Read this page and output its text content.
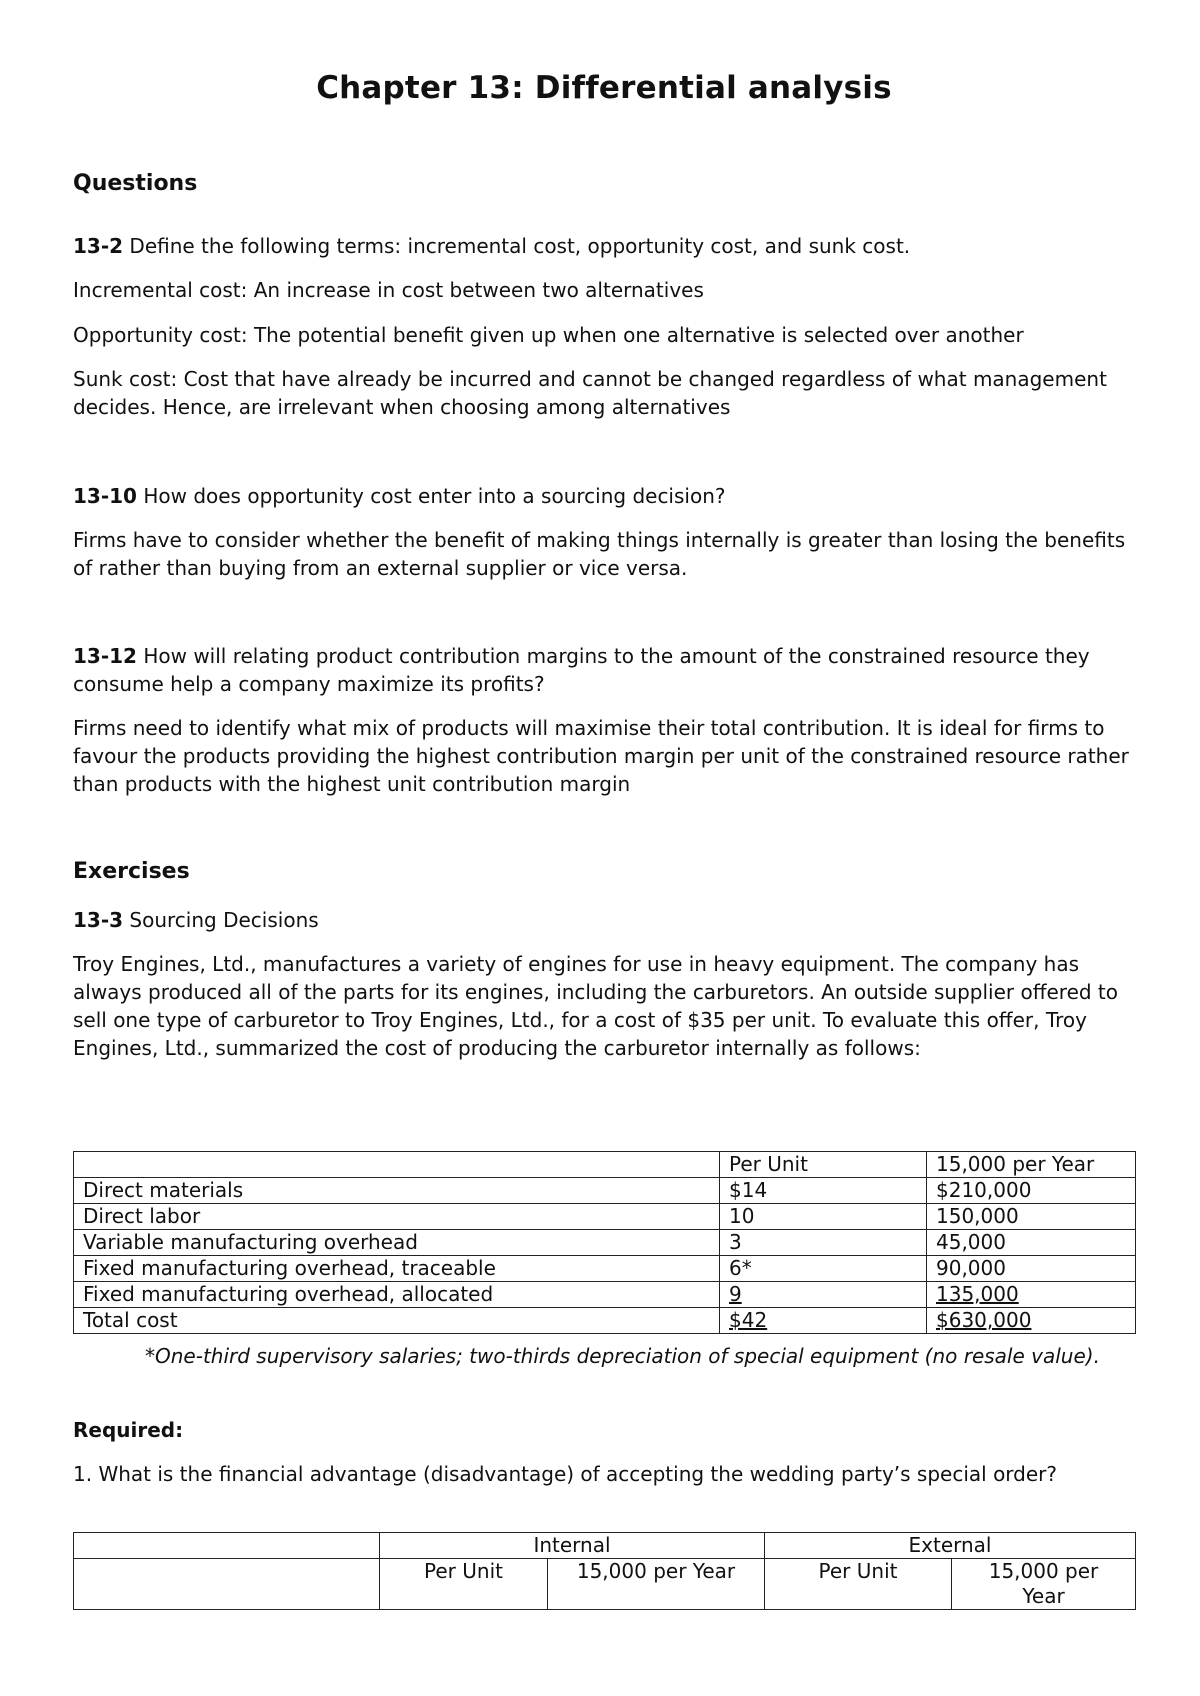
Chapter 13: Differential analysis

Questions

13-2 Define the following terms: incremental cost, opportunity cost, and sunk cost.

Incremental cost: An increase in cost between two alternatives

Opportunity cost: The potential benefit given up when one alternative is selected over another

Sunk cost: Cost that have already be incurred and cannot be changed regardless of what management decides. Hence, are irrelevant when choosing among alternatives

13-10 How does opportunity cost enter into a sourcing decision?

Firms have to consider whether the benefit of making things internally is greater than losing the benefits of rather than buying from an external supplier or vice versa.

13-12 How will relating product contribution margins to the amount of the constrained resource they consume help a company maximize its profits?

Firms need to identify what mix of products will maximise their total contribution. It is ideal for firms to favour the products providing the highest contribution margin per unit of the constrained resource rather than products with the highest unit contribution margin

Exercises

13-3 Sourcing Decisions

Troy Engines, Ltd., manufactures a variety of engines for use in heavy equipment. The company has always produced all of the parts for its engines, including the carburetors. An outside supplier offered to sell one type of carburetor to Troy Engines, Ltd., for a cost of $35 per unit. To evaluate this offer, Troy Engines, Ltd., summarized the cost of producing the carburetor internally as follows:

	Per Unit	15,000 per Year
Direct materials	$14	$210,000
Direct labor	10	150,000
Variable manufacturing overhead	3	45,000
Fixed manufacturing overhead, traceable	6*	90,000
Fixed manufacturing overhead, allocated	9	135,000
Total cost	$42	$630,000

*One-third supervisory salaries; two-thirds depreciation of special equipment (no resale value).

Required:

1. What is the financial advantage (disadvantage) of accepting the wedding party’s special order?

	Internal		External	
	Per Unit	15,000 per Year	Per Unit	15,000 per Year
